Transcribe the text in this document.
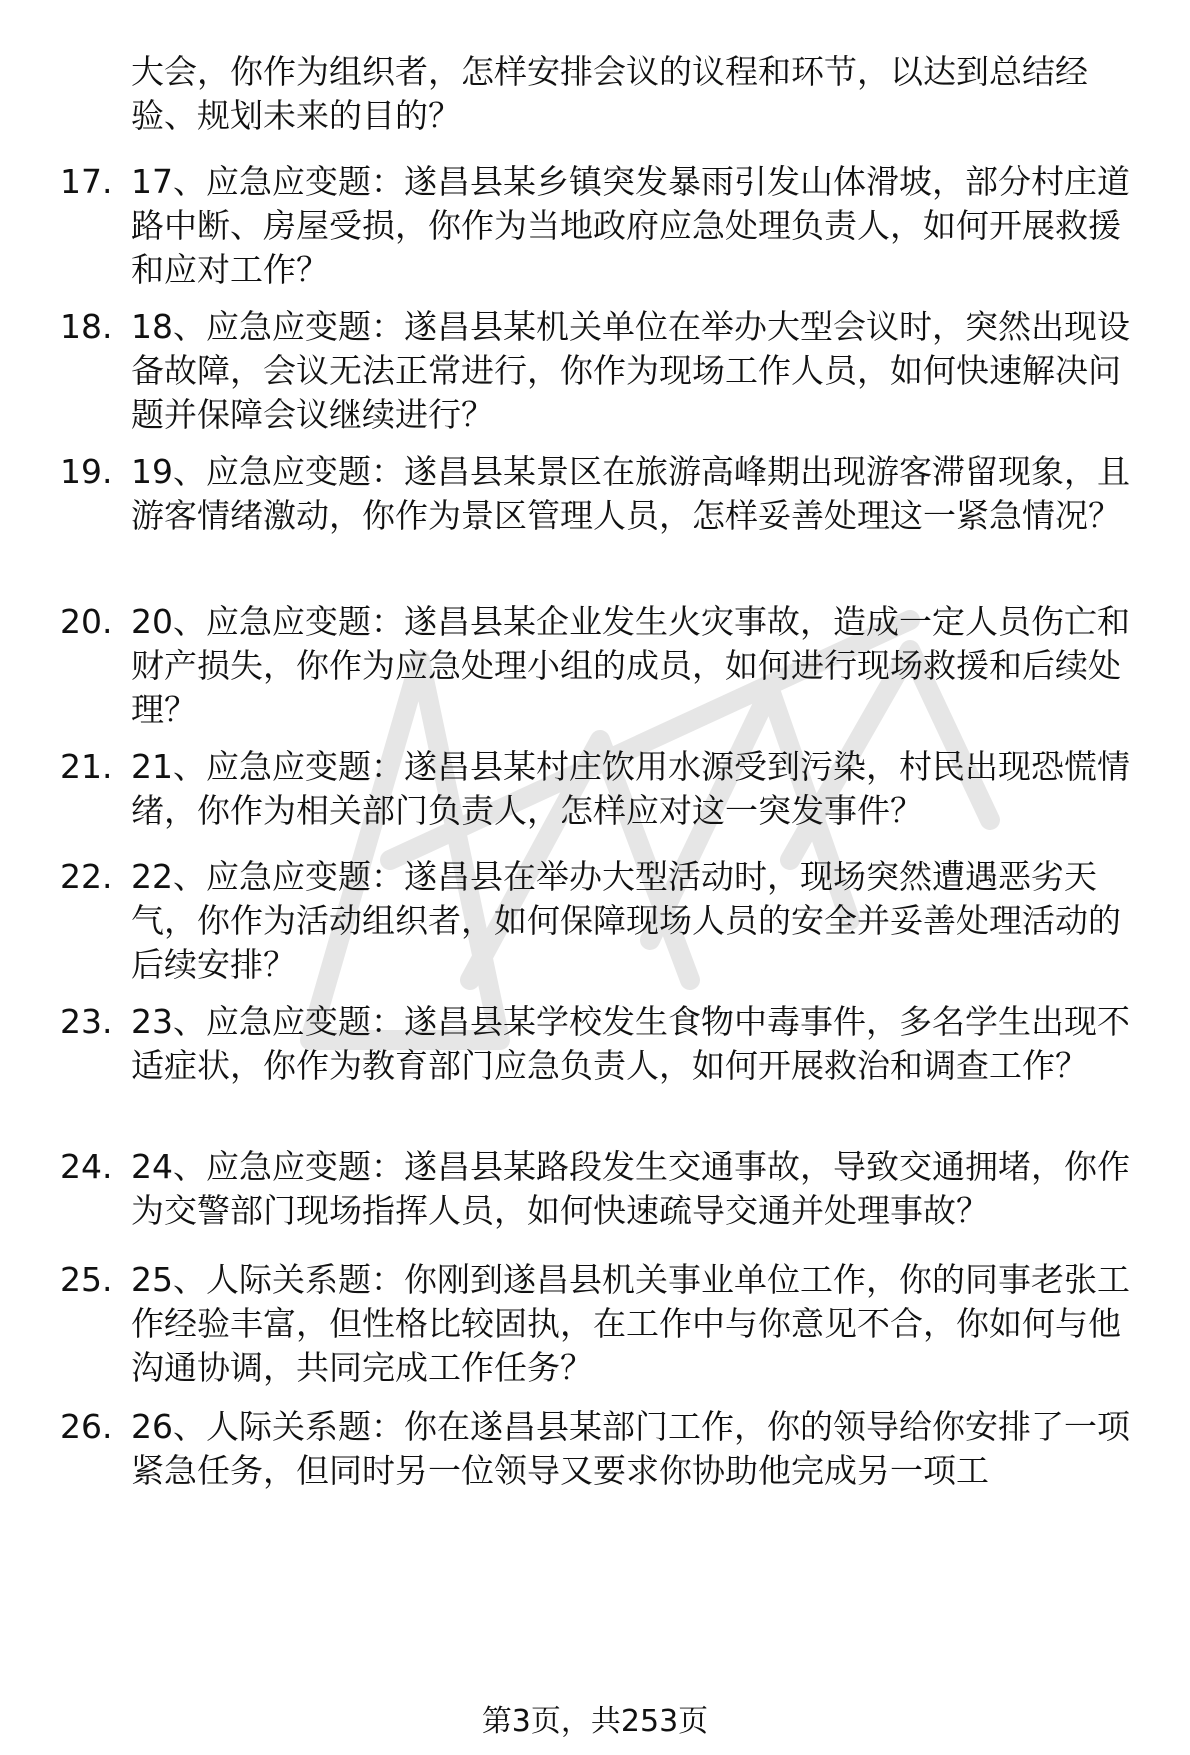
大会，你作为组织者，怎样安排会议的议程和环节，以达到总结经验、规划未来的目的？
17. 17、应急应变题：遂昌县某乡镇突发暴雨引发山体滑坡，部分村庄道路中断、房屋受损，你作为当地政府应急处理负责人，如何开展救援和应对工作？
18. 18、应急应变题：遂昌县某机关单位在举办大型会议时，突然出现设备故障，会议无法正常进行，你作为现场工作人员，如何快速解决问题并保障会议继续进行？
19. 19、应急应变题：遂昌县某景区在旅游高峰期出现游客滞留现象，且游客情绪激动，你作为景区管理人员，怎样妥善处理这一紧急情况？
20. 20、应急应变题：遂昌县某企业发生火灾事故，造成一定人员伤亡和财产损失，你作为应急处理小组的成员，如何进行现场救援和后续处理？
21. 21、应急应变题：遂昌县某村庄饮用水源受到污染，村民出现恐慌情绪，你作为相关部门负责人，怎样应对这一突发事件？
22. 22、应急应变题：遂昌县在举办大型活动时，现场突然遭遇恶劣天气，你作为活动组织者，如何保障现场人员的安全并妥善处理活动的后续安排？
23. 23、应急应变题：遂昌县某学校发生食物中毒事件，多名学生出现不适症状，你作为教育部门应急负责人，如何开展救治和调查工作？
24. 24、应急应变题：遂昌县某路段发生交通事故，导致交通拥堵，你作为交警部门现场指挥人员，如何快速疏导交通并处理事故？
25. 25、人际关系题：你刚到遂昌县机关事业单位工作，你的同事老张工作经验丰富，但性格比较固执，在工作中与你意见不合，你如何与他沟通协调，共同完成工作任务？
26. 26、人际关系题：你在遂昌县某部门工作，你的领导给你安排了一项紧急任务，但同时另一位领导又要求你协助他完成另一项工
第3页，共253页
